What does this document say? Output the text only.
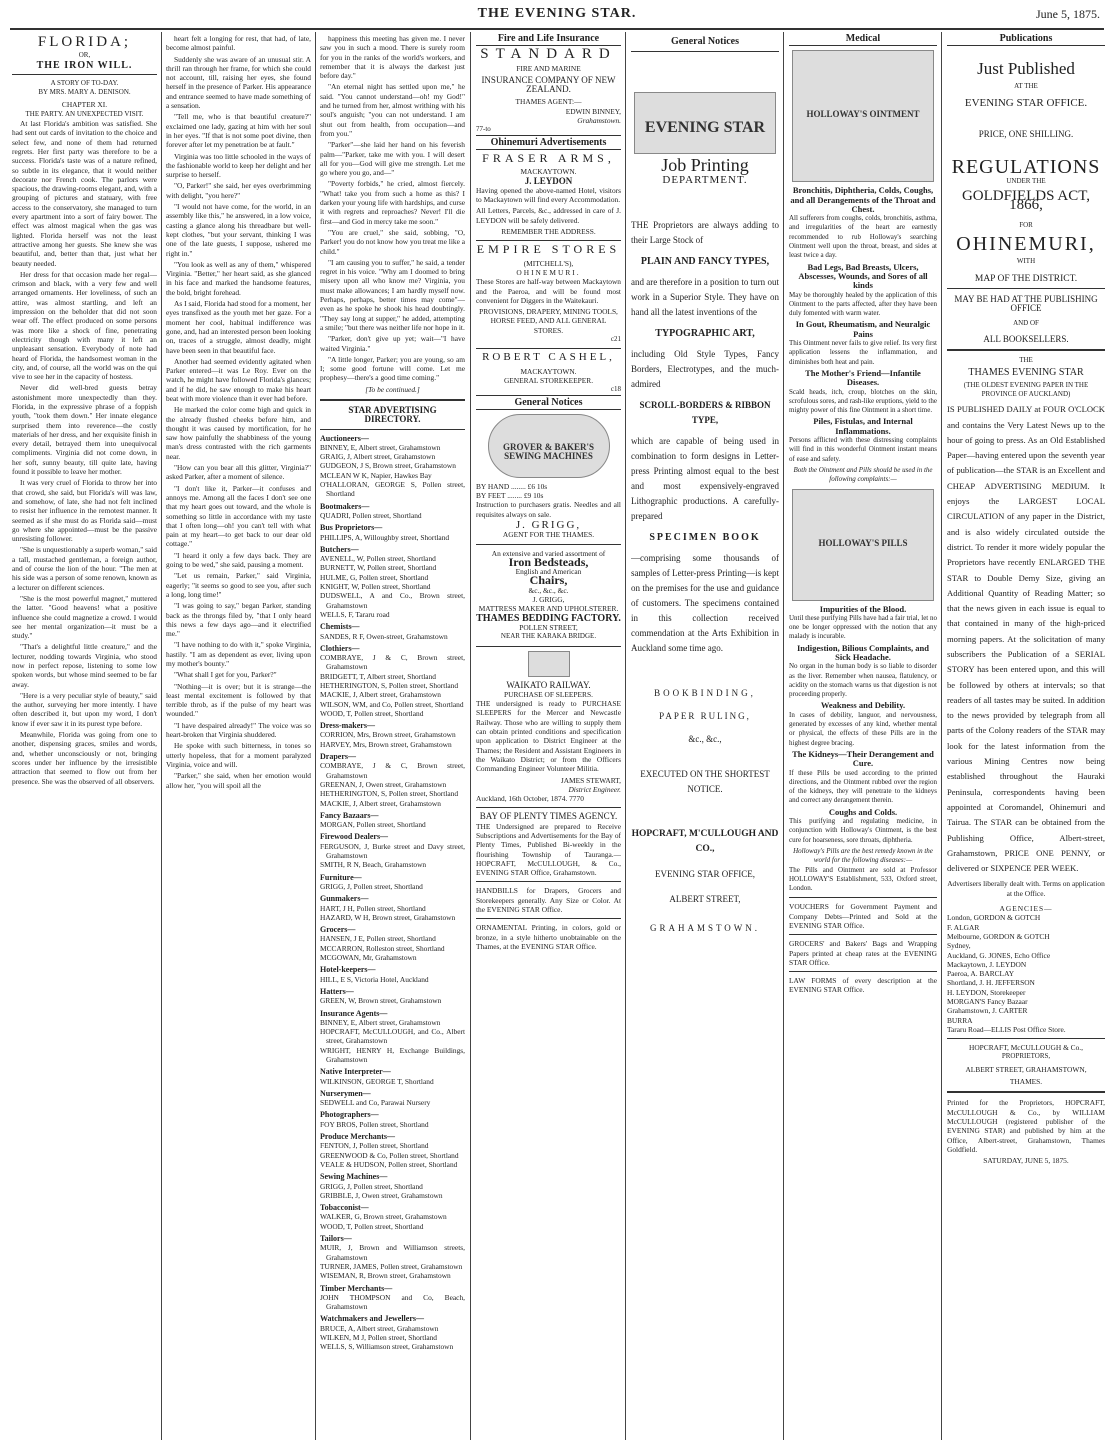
THE EVENING STAR.	June 5, 1875.
FLORIDA;
OR,
THE IRON WILL.
A STORY OF TO-DAY.
BY MRS. MARY A. DENISON.
CHAPTER XI.
THE PARTY. AN UNEXPECTED VISIT.

At last Florida's ambition was satisfied. She had sent out cards of invitation to the choice and select few, and none of them had returned regrets. Her first party was therefore to be a success. Florida's taste was of a nature refined, so subtle in its elegance, that it would neither decorate nor French cook. The parlors were spacious, the drawing-rooms elegant, and, with a grouping of pictures and statuary, with free access to the conservatory, she managed to turn every apartment into a sort of fairy bower. The effect was almost magical when the gas was lighted. Florida herself was not the least attractive among her guests. She knew she was beautiful, and, better than that, just what her beauty needed.

Her dress for that occasion made her regal—crimson and black, with a very few and well arranged ornaments. Her loveliness, of such an attire, was almost startling, and left an impression on the beholder that did not soon wear off. The effect produced on some persons was more like a shock of fine, penetrating electricity though with many it left an unpleasant sensation. Everybody of note had heard of Florida, the handsomest woman in the city, and, of course, all the world was on the qui vive to see her in the capacity of hostess.

Never did well-bred guests betray astonishment more unexpectedly than they. Florida, in the expressive phrase of a foppish youth, "took them down." Her innate elegance surprised them into reverence—the costly materials of her dress, and her exquisite finish in every detail, betrayed them into unequivocal compliments. Virginia did not come down, in her soft, sunny beauty, till quite late, having found it possible to leave her mother.

It was very cruel of Florida to throw her into that crowd, she said, but Florida's will was law, and somehow, of late, she had not felt inclined to resist her influence in the remotest manner. It seemed as if she must do as Florida said—must go where she appointed—must be the passive unresisting follower.

"She is unquestionably a superb woman," said a tall, mustached gentleman, a foreign author, and of course the lion of the hour. "The men at his side was a person of some renown, known as a lecturer on different sciences.

"She is the most powerful magnet," muttered the latter. "Good heavens! what a positive influence she could magnetize a crowd. I would see her mental organization—it must be a study."

"That's a delightful little creature," and the lecturer, nodding towards Virginia, who stood now in perfect repose, listening to some low spoken words, but whose mind seemed to be far away.

"Here is a very peculiar style of beauty," said the author, surveying her more intently. I have often described it, but upon my word, I don't know if ever saw it in its purest type before.

Meanwhile, Florida was going from one to another, dispensing graces, smiles and words, and, whether unconsciously or not, bringing scores under her influence by the irresistible attraction that seemed to flow out from her presence. She was the observed of all observers.

heart felt a longing for rest, that had, of late, become almost painful.

Suddenly she was aware of an unusual stir. A thrill ran through her frame, for which she could not account, till, raising her eyes, she found herself in the presence of Parker. His appearance and entrance seemed to have made something of a sensation.

"Tell me, who is that beautiful creature?" exclaimed one lady, gazing at him with her soul in her eyes. "If that is not some poet divine, then forever after let my penetration be at fault."

Virginia was too little schooled in the ways of the fashionable world to keep her delight and her surprise to herself.

"O, Parker!" she said, her eyes overbrimming with delight, "you here?"

"I would not have come, for the world, in an assembly like this," he answered, in a low voice, casting a glance along his threadbare but well-kept clothes, "but your servant, thinking I was one of the late guests, I suppose, ushered me right in."

"You look as well as any of them," whispered Virginia. "Better," her heart said, as she glanced in his face and marked the handsome features, the bold, bright forehead.

As I said, Florida had stood for a moment, her eyes transfixed as the youth met her gaze. For a moment her cool, habitual indifference was gone, and, had an interested person been looking on, traces of a struggle, almost deadly, might have been seen in that beautiful face.

Another had seemed evidently agitated when Parker entered—it was Le Roy. Ever on the watch, he might have followed Florida's glances; and if he did, he saw enough to make his heart beat with more violence than it ever had before.

He marked the color come high and quick in the already flushed cheeks before him, and thought it was caused by mortification, for he saw how painfully the shabbiness of the young man's dress contrasted with the rich garments near.

"How can you bear all this glitter, Virginia?" asked Parker, after a moment of silence.

"I don't like it, Parker—it confuses and annoys me. Among all the faces I don't see one that my heart goes out toward, and the whole is something so little in accordance with my taste that I often long—oh! you can't tell with what pain at my heart—to get back to our dear old cottage."

"I heard it only a few days back. They are going to be wed," she said, pausing a moment.

"Let us remain, Parker," said Virginia, eagerly; "it seems so good to see you, after such a long, long time!"

"I was going to say," began Parker, standing back as the throngs filed by, "that I only heard this news a few days ago—and it electrified me."

"I have nothing to do with it," spoke Virginia, hastily. "I am as dependent as ever, living upon my mother's bounty."

"What shall I get for you, Parker?"

"Nothing—it is over; but it is strange—the least mental excitement is followed by that terrible throb, as if the pulse of my heart was wounded."

"I have despaired already!" The voice was so heart-broken that Virginia shuddered.

He spoke with such bitterness, in tones so utterly hopeless, that for a moment paralyzed Virginia, voice and will.

"Parker," she said, when her emotion would allow her, "you will spoil all the

happiness this meeting has given me. I never saw you in such a mood. There is surely room for you in the ranks of the world's workers, and remember that it is always the darkest just before day."

"An eternal night has settled upon me," he said. "You cannot understand—oh! my God!" and he turned from her, almost writhing with his soul's anguish; "you can not understand. I am shut out from health, from occupation—and from you."

"Parker"—she laid her hand on his feverish palm—"Parker, take me with you. I will desert all for you—God will give me strength. Let me go where you go, and—"

"Poverty forbids," he cried, almost fiercely. "What! take you from such a home as this? I darken your young life with hardships, and curse it with regrets and reproaches? Never! I'll die first—and God in mercy take me soon."

"You are cruel," she said, sobbing, "O, Parker! you do not know how you treat me like a child."

"I am causing you to suffer," he said, a tender regret in his voice. "Why am I doomed to bring misery upon all who know me? Virginia, you must make allowances; I am hardly myself now. Perhaps, perhaps, better times may come"—even as he spoke he shook his head doubtingly. "They say long at supper," he added, attempting a smile; "but there was neither life nor hope in it.

"Parker, don't give up yet; wait—"I have waited Virginia."

"A little longer, Parker; you are young, so am I; some good fortune will come. Let me prophesy—there's a good time coming."

[To be continued.]
STAR ADVERTISING DIRECTORY.
Auctioneers—
BINNEY, E, Albert street, Grahamstown
GRAIG, J, Albert street, Grahamstown
GUDGEON, J S, Brown street, Grahamstown
MCLEAN W K, Napier, Hawkes Bay
O'HALLORAN, GEORGE S, Pollen street, Shortland
Bootmakers—
QUADRI, Pollen street, Shortland
Bus Proprietors—
PHILLIPS, A, Willoughby street, Shortland
Butchers—
AVENELL, W, Pollen street, Shortland
BURNETT, W, Pollen street, Shortland
HULME, G, Pollen street, Shortland
KNIGHT, W, Pollen street, Shortland
DUDSWELL, A and Co., Brown street, Grahamstown
WELLS, F, Tararu road
Chemists—
SANDES, R F, Owen-street, Grahamstown
Clothiers—
COMBRAYE, J & C, Brown street, Grahamstown
BRIDGETT, T, Albert street, Shortland
HETHERINGTON, S, Pollen street, Shortland
MACKIE, J, Albert street, Grahamstown
WILSON, WM, and Co, Pollen street, Shortland
WOOD, T, Pollen street, Shortland
Dress-makers—
CORRION, Mrs, Brown street, Grahamstown
HARVEY, Mrs, Brown street, Grahamstown
Drapers—
COMBRAYE, J & C, Brown street, Grahamstown
GREENAN, J, Owen street, Grahamstown
HETHERINGTON, S, Pollen street, Shortland
MACKIE, J, Albert street, Grahamstown
Fancy Bazaars—
MORGAN, Pollen street, Shortland
Firewood Dealers—
FERGUSON, J, Burke street and Davy street, Grahamstown
SMITH, R N, Beach, Grahamstown
Furniture—
GRIGG, J, Pollen street, Shortland
Gunmakers—
HART, J H, Pollen street, Shortland
HAZARD, W H, Brown street, Grahamstown
Grocers—
HANSEN, J E, Pollen street, Shortland
MCCARRON, Rolleston street, Shortland
MCGOWAN, Mr, Grahamstown
Hotel-keepers—
HILL, E S, Victoria Hotel, Auckland
Hatters—
GREEN, W, Brown street, Grahamstown
Insurance Agents—
BINNEY, E, Albert street, Grahamstown
HOPCRAFT, McCULLOUGH, and Co., Albert street, Grahamstown
WRIGHT, HENRY H, Exchange Buildings, Grahamstown
Native Interpreter—
WILKINSON, GEORGE T, Shortland
Nurserymen—
SEDWELL and Co, Parawai Nursery
Photographers—
FOY BROS, Pollen street, Shortland
Produce Merchants—
FENTON, J, Pollen street, Shortland
GREENWOOD & Co, Pollen street, Shortland
VEALE & HUDSON, Pollen street, Shortland
Sewing Machines—
GRIGG, J, Pollen street, Shortland
GRIBBLE, J, Owen street, Grahamstown
Tobacconist—
WALKER, G, Brown street, Grahamstown
WOOD, T, Pollen street, Shortland
Tailors—
MUIR, J, Brown and Williamson streets, Grahamstown
TURNER, JAMES, Pollen street, Grahamstown
WISEMAN, R, Brown street, Grahamstown
Timber Merchants—
JOHN THOMPSON and Co, Beach, Grahamstown
Watchmakers and Jewellers—
BRUCE, A, Albert street, Grahamstown
WILKEN, M J, Pollen street, Shortland
WELLS, S, Williamson street, Grahamstown
Fire and Life Insurance
STANDARD
FIRE AND MARINE
INSURANCE COMPANY OF NEW ZEALAND.
THAMES AGENT:—
EDWIN BINNEY,
Grahamstown.
77-to
Ohinemuri Advertisements
FRASER ARMS,
MACKAYTOWN.
J. LEYDON

Having opened the above-named Hotel, visitors to Mackaytown will find every Accommodation.

All Letters, Parcels, &c., addressed in care of J. LEYDON will be safely delivered.

REMEMBER THE ADDRESS.
EMPIRE STORES
(MITCHELL'S),
OHINEMURI.

These Stores are half-way between Mackaytown and the Paeroa, and will be found most convenient for Diggers in the Waitekauri.

PROVISIONS, DRAPERY, MINING TOOLS, HORSE FEED, AND ALL GENERAL STORES.
c21
ROBERT CASHEL,
MACKAYTOWN.
GENERAL STOREKEEPER.
c18
General Notices
GROVER & BAKER'S SEWING MACHINES
BY HAND ........ £6 10s
BY FEET ........ £9 10s

Instruction to purchasers gratis. Needles and all requisites always on sale.

J. GRIGG,
AGENT FOR THE THAMES.
An extensive and varied assortment of
Iron Bedsteads,
English and American
Chairs,
&c., &c., &c.
J. GRIGG,
MATTRESS MAKER AND UPHOLSTERER.
THAMES BEDDING FACTORY.
POLLEN STREET,
NEAR THE KARAKA BRIDGE.
WAIKATO RAILWAY.
PURCHASE OF SLEEPERS.

THE undersigned is ready to PURCHASE SLEEPERS for the Mercer and Newcastle Railway. Those who are willing to supply them can obtain printed conditions and specification upon application to District Engineer at the Thames; the Resident and Assistant Engineers in the Waikato District; or from the Officers Commanding Engineer Volunteer Militia.

JAMES STEWART,
District Engineer.
Auckland, 16th October, 1874. 7770
BAY OF PLENTY TIMES AGENCY.

THE Undersigned are prepared to Receive Subscriptions and Advertisements for the Bay of Plenty Times, Published Bi-weekly in the flourishing Township of Tauranga.—HOPCRAFT, McCULLOUGH, & Co., EVENING STAR Office, Grahamstown.

HANDBILLS for Drapers, Grocers and Storekeepers generally. Any Size or Color. At the EVENING STAR Office.

ORNAMENTAL Printing, in colors, gold or bronze, in a style hitherto unobtainable on the Thames, at the EVENING STAR Office.

General Notices
EVENING STAR
Job Printing
DEPARTMENT.

THE Proprietors are always adding to their Large Stock of

PLAIN AND FANCY TYPES,

and are therefore in a position to turn out work in a Superior Style. They have on hand all the latest inventions of the

TYPOGRAPHIC ART,

including Old Style Types, Fancy Borders, Electrotypes, and the much-admired

SCROLL-BORDERS & RIBBON TYPE,

which are capable of being used in combination to form designs in Letter-press Printing almost equal to the best and most expensively-engraved Lithographic productions. A carefully-prepared

SPECIMEN BOOK

—comprising some thousands of samples of Letter-press Printing—is kept on the premises for the use and guidance of customers. The specimens contained in this collection received commendation at the Arts Exhibition in Auckland some time ago.

BOOKBINDING,
PAPER RULING,
&c., &c.,
EXECUTED ON THE SHORTEST NOTICE.
HOPCRAFT, M'CULLOUGH AND CO.,
EVENING STAR OFFICE,
ALBERT STREET,
GRAHAMSTOWN.
Medical
HOLLOWAY'S OINTMENT
Bronchitis, Diphtheria, Colds, Coughs, and all Derangements of the Throat and Chest.

All sufferers from coughs, colds, bronchitis, asthma, and irregularities of the heart are earnestly recommended to rub Holloway's searching Ointment well upon the throat, breast, and sides at least twice a day.

Bad Legs, Bad Breasts, Ulcers, Abscesses, Wounds, and Sores of all kinds

May be thoroughly healed by the application of this Ointment to the parts affected, after they have been duly fomented with warm water.

In Gout, Rheumatism, and Neuralgic Pains

This Ointment never fails to give relief. Its very first application lessens the inflammation, and diminishes both heat and pain.

The Mother's Friend—Infantile Diseases.

Scald heads, itch, croup, blotches on the skin, scrofulous sores, and rash-like eruptions, yield to the mighty power of this fine Ointment in a short time.

Piles, Fistulas, and Internal Inflammations.

Persons afflicted with these distressing complaints will find in this wonderful Ointment instant means of ease and safety.

Both the Ointment and Pills should be used in the following complaints:—
HOLLOWAY'S PILLS
Impurities of the Blood.

Until these purifying Pills have had a fair trial, let no one be longer oppressed with the notion that any malady is incurable.

Indigestion, Bilious Complaints, and Sick Headache.

No organ in the human body is so liable to disorder as the liver. Remember when nausea, flatulency, or acidity on the stomach warns us that digestion is not proceeding properly.

Weakness and Debility.

In cases of debility, languor, and nervousness, generated by excesses of any kind, whether mental or physical, the effects of these Pills are in the highest degree bracing.

The Kidneys—Their Derangement and Cure.

If these Pills be used according to the printed directions, and the Ointment rubbed over the region of the kidneys, they will penetrate to the kidneys and correct any derangement therein.

Coughs and Colds.

This purifying and regulating medicine, in conjunction with Holloway's Ointment, is the best cure for hoarseness, sore throats, diphtheria.

Holloway's Pills are the best remedy known in the world for the following diseases:—

The Pills and Ointment are sold at Professor HOLLOWAY'S Establishment, 533, Oxford street, London.

VOUCHERS for Government Payment and Company Debts—Printed and Sold at the EVENING STAR Office.

GROCERS' and Bakers' Bags and Wrapping Papers printed at cheap rates at the EVENING STAR Office.

LAW FORMS of every description at the EVENING STAR Office.

Publications
Just Published
AT THE
EVENING STAR OFFICE.
PRICE, ONE SHILLING.
REGULATIONS
UNDER THE
GOLDFIELDS ACT, 1866,
FOR
OHINEMURI,
WITH
MAP OF THE DISTRICT.
MAY BE HAD AT THE PUBLISHING OFFICE
AND OF
ALL BOOKSELLERS.
THE
THAMES EVENING STAR
(THE OLDEST EVENING PAPER IN THE PROVINCE OF AUCKLAND)
IS PUBLISHED DAILY at FOUR O'CLOCK and contains the Very Latest News up to the hour of going to press. As an Old Established Paper—having entered upon the seventh year of publication—the STAR is an Excellent and CHEAP ADVERTISING MEDIUM. It enjoys the LARGEST LOCAL CIRCULATION of any paper in the District, and is also widely circulated outside the district. To render it more widely popular the Proprietors have recently ENLARGED THE STAR to Double Demy Size, giving an Additional Quantity of Reading Matter; so that the news given in each issue is equal to that contained in many of the high-priced morning papers. At the solicitation of many subscribers the Publication of a SERIAL STORY has been entered upon, and this will be followed by others at intervals; so that readers of all tastes may be suited. In addition to the news provided by telegraph from all parts of the Colony readers of the STAR may look for the latest information from the various Mining Centres now being established throughout the Hauraki Peninsula, correspondents having been appointed at Coromandel, Ohinemuri and Tairua. The STAR can be obtained from the Publishing Office, Albert-street, Grahamstown, PRICE ONE PENNY, or delivered or SIXPENCE PER WEEK.
Advertisers liberally dealt with. Terms on application at the Office.
AGENCIES—
London, GORDON & GOTCH
F. ALGAR
Melbourne, GORDON & GOTCH
Sydney,
Auckland, G. JONES, Echo Office
Mackaytown, J. LEYDON
Paeroa, A. BARCLAY
Shortland, J. H. JEFFERSON
H. LEYDON, Storekeeper
MORGAN'S Fancy Bazaar
Grahamstown, J. CARTER
BURRA
Tararu Road—ELLIS Post Office Store.
HOPCRAFT, McCULLOUGH & Co.,
PROPRIETORS,
ALBERT STREET, GRAHAMSTOWN,
THAMES.

Printed for the Proprietors, HOPCRAFT, McCULLOUGH & Co., by WILLIAM McCULLOUGH (registered publisher of the EVENING STAR) and published by him at the Office, Albert-street, Grahamstown, Thames Goldfield.

SATURDAY, JUNE 5, 1875.
